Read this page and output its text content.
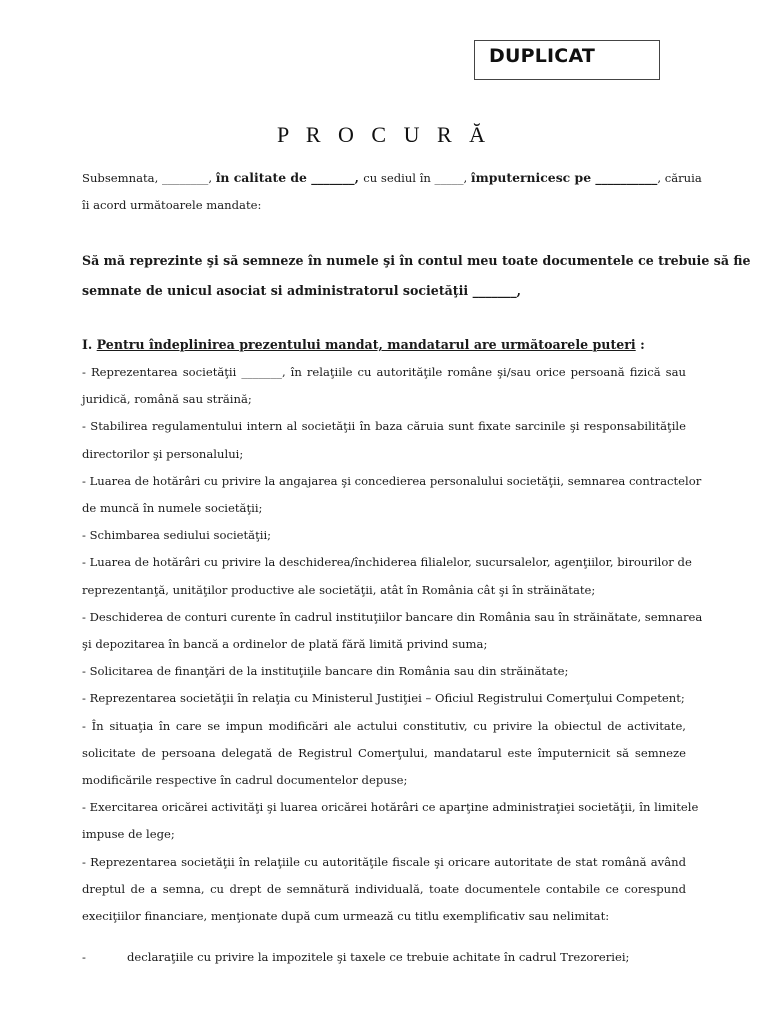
DUPLICAT
P R O C U R Ă
Subsemnata, ________, în calitate de _______, cu sediul în _____, împuternicesc pe __________, căruia
îi acord următoarele mandate:
Să mă reprezinte şi să semneze în numele şi în contul meu toate documentele ce trebuie să fie
semnate de unicul asociat si administratorul societăţii _______,
I. Pentru îndeplinirea prezentului mandat, mandatarul are următoarele puteri :
- Reprezentarea societăţii _______, în relaţiile cu autorităţile române şi/sau orice persoană fizică sau
juridică, română sau străină;
- Stabilirea regulamentului intern al societăţii în baza căruia sunt fixate sarcinile şi responsabilităţile
directorilor şi personalului;
- Luarea de hotărâri cu privire la angajarea şi concedierea personalului societăţii, semnarea contractelor
de muncă în numele societăţii;
- Schimbarea sediului societăţii;
- Luarea de hotărâri cu privire la deschiderea/închiderea filialelor, sucursalelor, agenţiilor, birourilor de
reprezentanţă, unităţilor productive ale societăţii, atât în România cât şi în străinătate;
- Deschiderea de conturi curente în cadrul instituţiilor bancare din România sau în străinătate, semnarea
şi depozitarea în bancă a ordinelor de plată fără limită privind suma;
- Solicitarea de finanţări de la instituţiile bancare din România sau din străinătate;
- Reprezentarea societăţii în relaţia cu Ministerul Justiţiei – Oficiul Registrului Comerţului Competent;
- În situaţia în care se impun modificări ale actului constitutiv, cu privire la obiectul de activitate,
solicitate de persoana delegată de Registrul Comerţului, mandatarul este împuternicit să semneze
modificările respective în cadrul documentelor depuse;
- Exercitarea oricărei activităţi şi luarea oricărei hotărâri ce aparţine administraţiei societăţii, în limitele
impuse de lege;
- Reprezentarea societăţii în relaţiile cu autorităţile fiscale şi oricare autoritate de stat română având
dreptul de a semna, cu drept de semnătură individuală, toate documentele contabile ce corespund
execiţiilor financiare, menţionate după cum urmează cu titlu exemplificativ sau nelimitat:
-	declaraţiile cu privire la impozitele şi taxele ce trebuie achitate în cadrul Trezoreriei;
